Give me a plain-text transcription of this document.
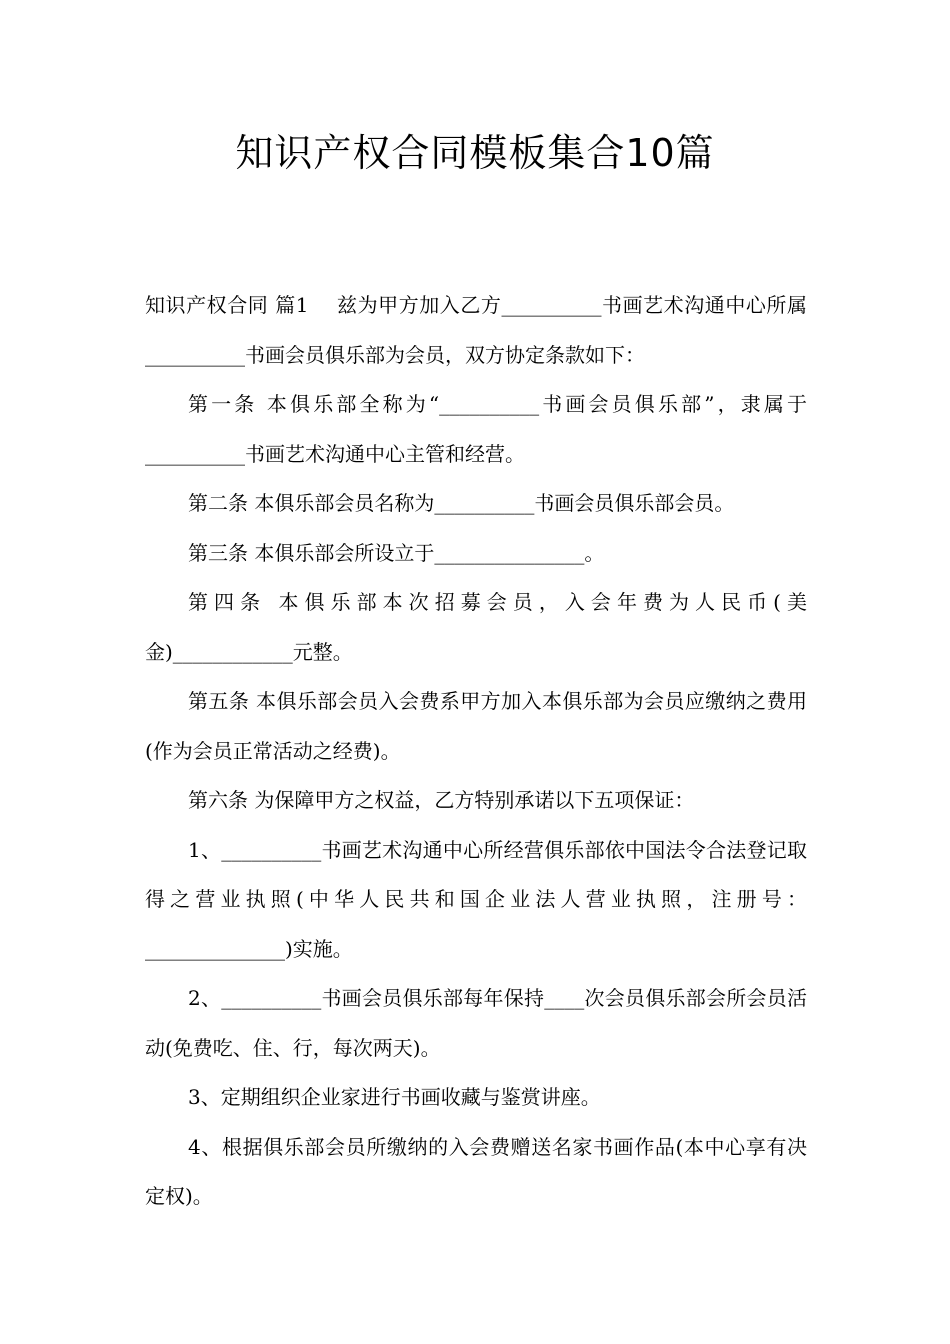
知识产权合同模板集合10篇

知识产权合同 篇1 兹为甲方加入乙方__________书画艺术沟通中心所属__________书画会员俱乐部为会员，双方协定条款如下：

第一条 本俱乐部全称为“__________书画会员俱乐部”，隶属于__________书画艺术沟通中心主管和经营。

第二条 本俱乐部会员名称为__________书画会员俱乐部会员。

第三条 本俱乐部会所设立于_______________。

第四条 本俱乐部本次招募会员，入会年费为人民币(美金)____________元整。

第五条 本俱乐部会员入会费系甲方加入本俱乐部为会员应缴纳之费用(作为会员正常活动之经费)。

第六条 为保障甲方之权益，乙方特别承诺以下五项保证：

1、__________书画艺术沟通中心所经营俱乐部依中国法令合法登记取得之营业执照(中华人民共和国企业法人营业执照，注册号：______________)实施。

2、__________书画会员俱乐部每年保持____次会员俱乐部会所会员活动(免费吃、住、行，每次两天)。

3、定期组织企业家进行书画收藏与鉴赏讲座。

4、根据俱乐部会员所缴纳的入会费赠送名家书画作品(本中心享有决定权)。
